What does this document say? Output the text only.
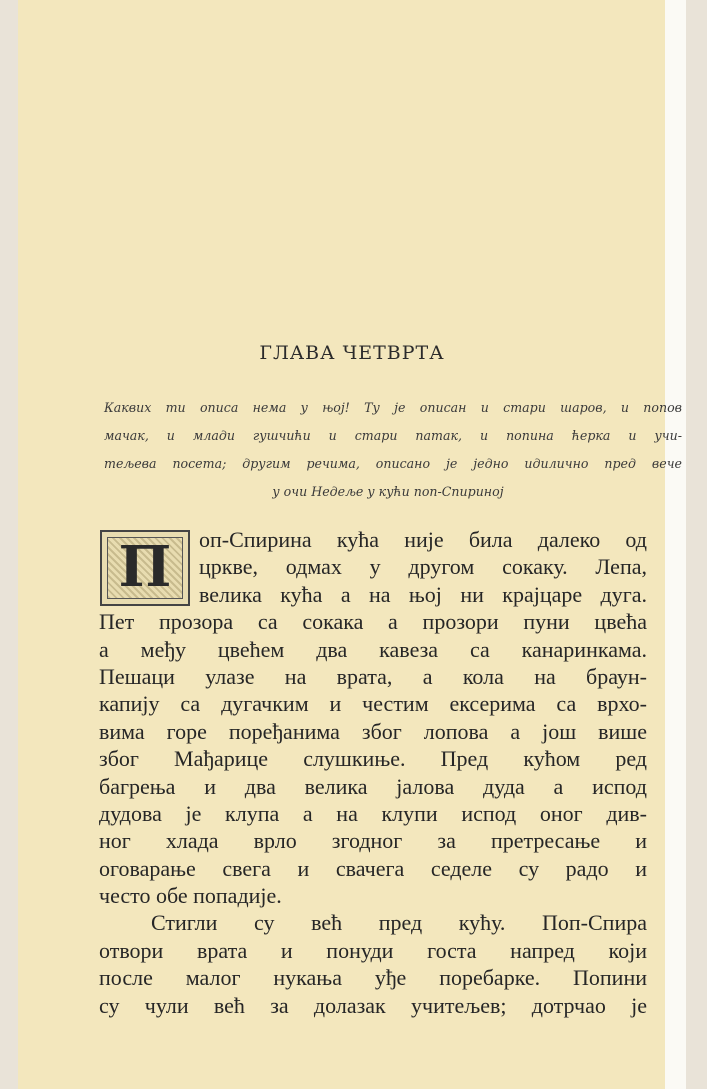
ГЛАВА ЧЕТВРТА
Каквих ти описа нема у њој! Ту је описан и стари шаров, и попов
мачак, и млади гушчићи и стари патак, и попина ћерка и учи-
тељева посета; другим речима, описано је једно идилично пред вече
у очи Недеље у кући поп-Спириној
П	оп-Спирина кућа није била далеко од
цркве, одмах у другом сокаку. Лепа,
велика кућа а на њој ни крајцаре дуга.
Пет прозора са сокака а прозори пуни цвећа
а међу цвећем два кавеза са канаринкама.
Пешаци улазе на врата, а кола на браун-
капију са дугачким и честим ексерима са врхо-
вима горе поређанима због лопова а још више
због Мађарице слушкиње. Пред кућом ред
багрења и два велика јалова дуда а испод
дудова је клупа а на клупи испод оног див-
ног хлада врло згодног за претресање и
оговарање свега и свачега седеле су радо и
често обе попадије.
Стигли су већ пред кућу. Поп-Спира
отвори врата и понуди госта напред који
после малог нукања уђе поребарке. Попини
су чули већ за долазак учитељев; дотрчао је
